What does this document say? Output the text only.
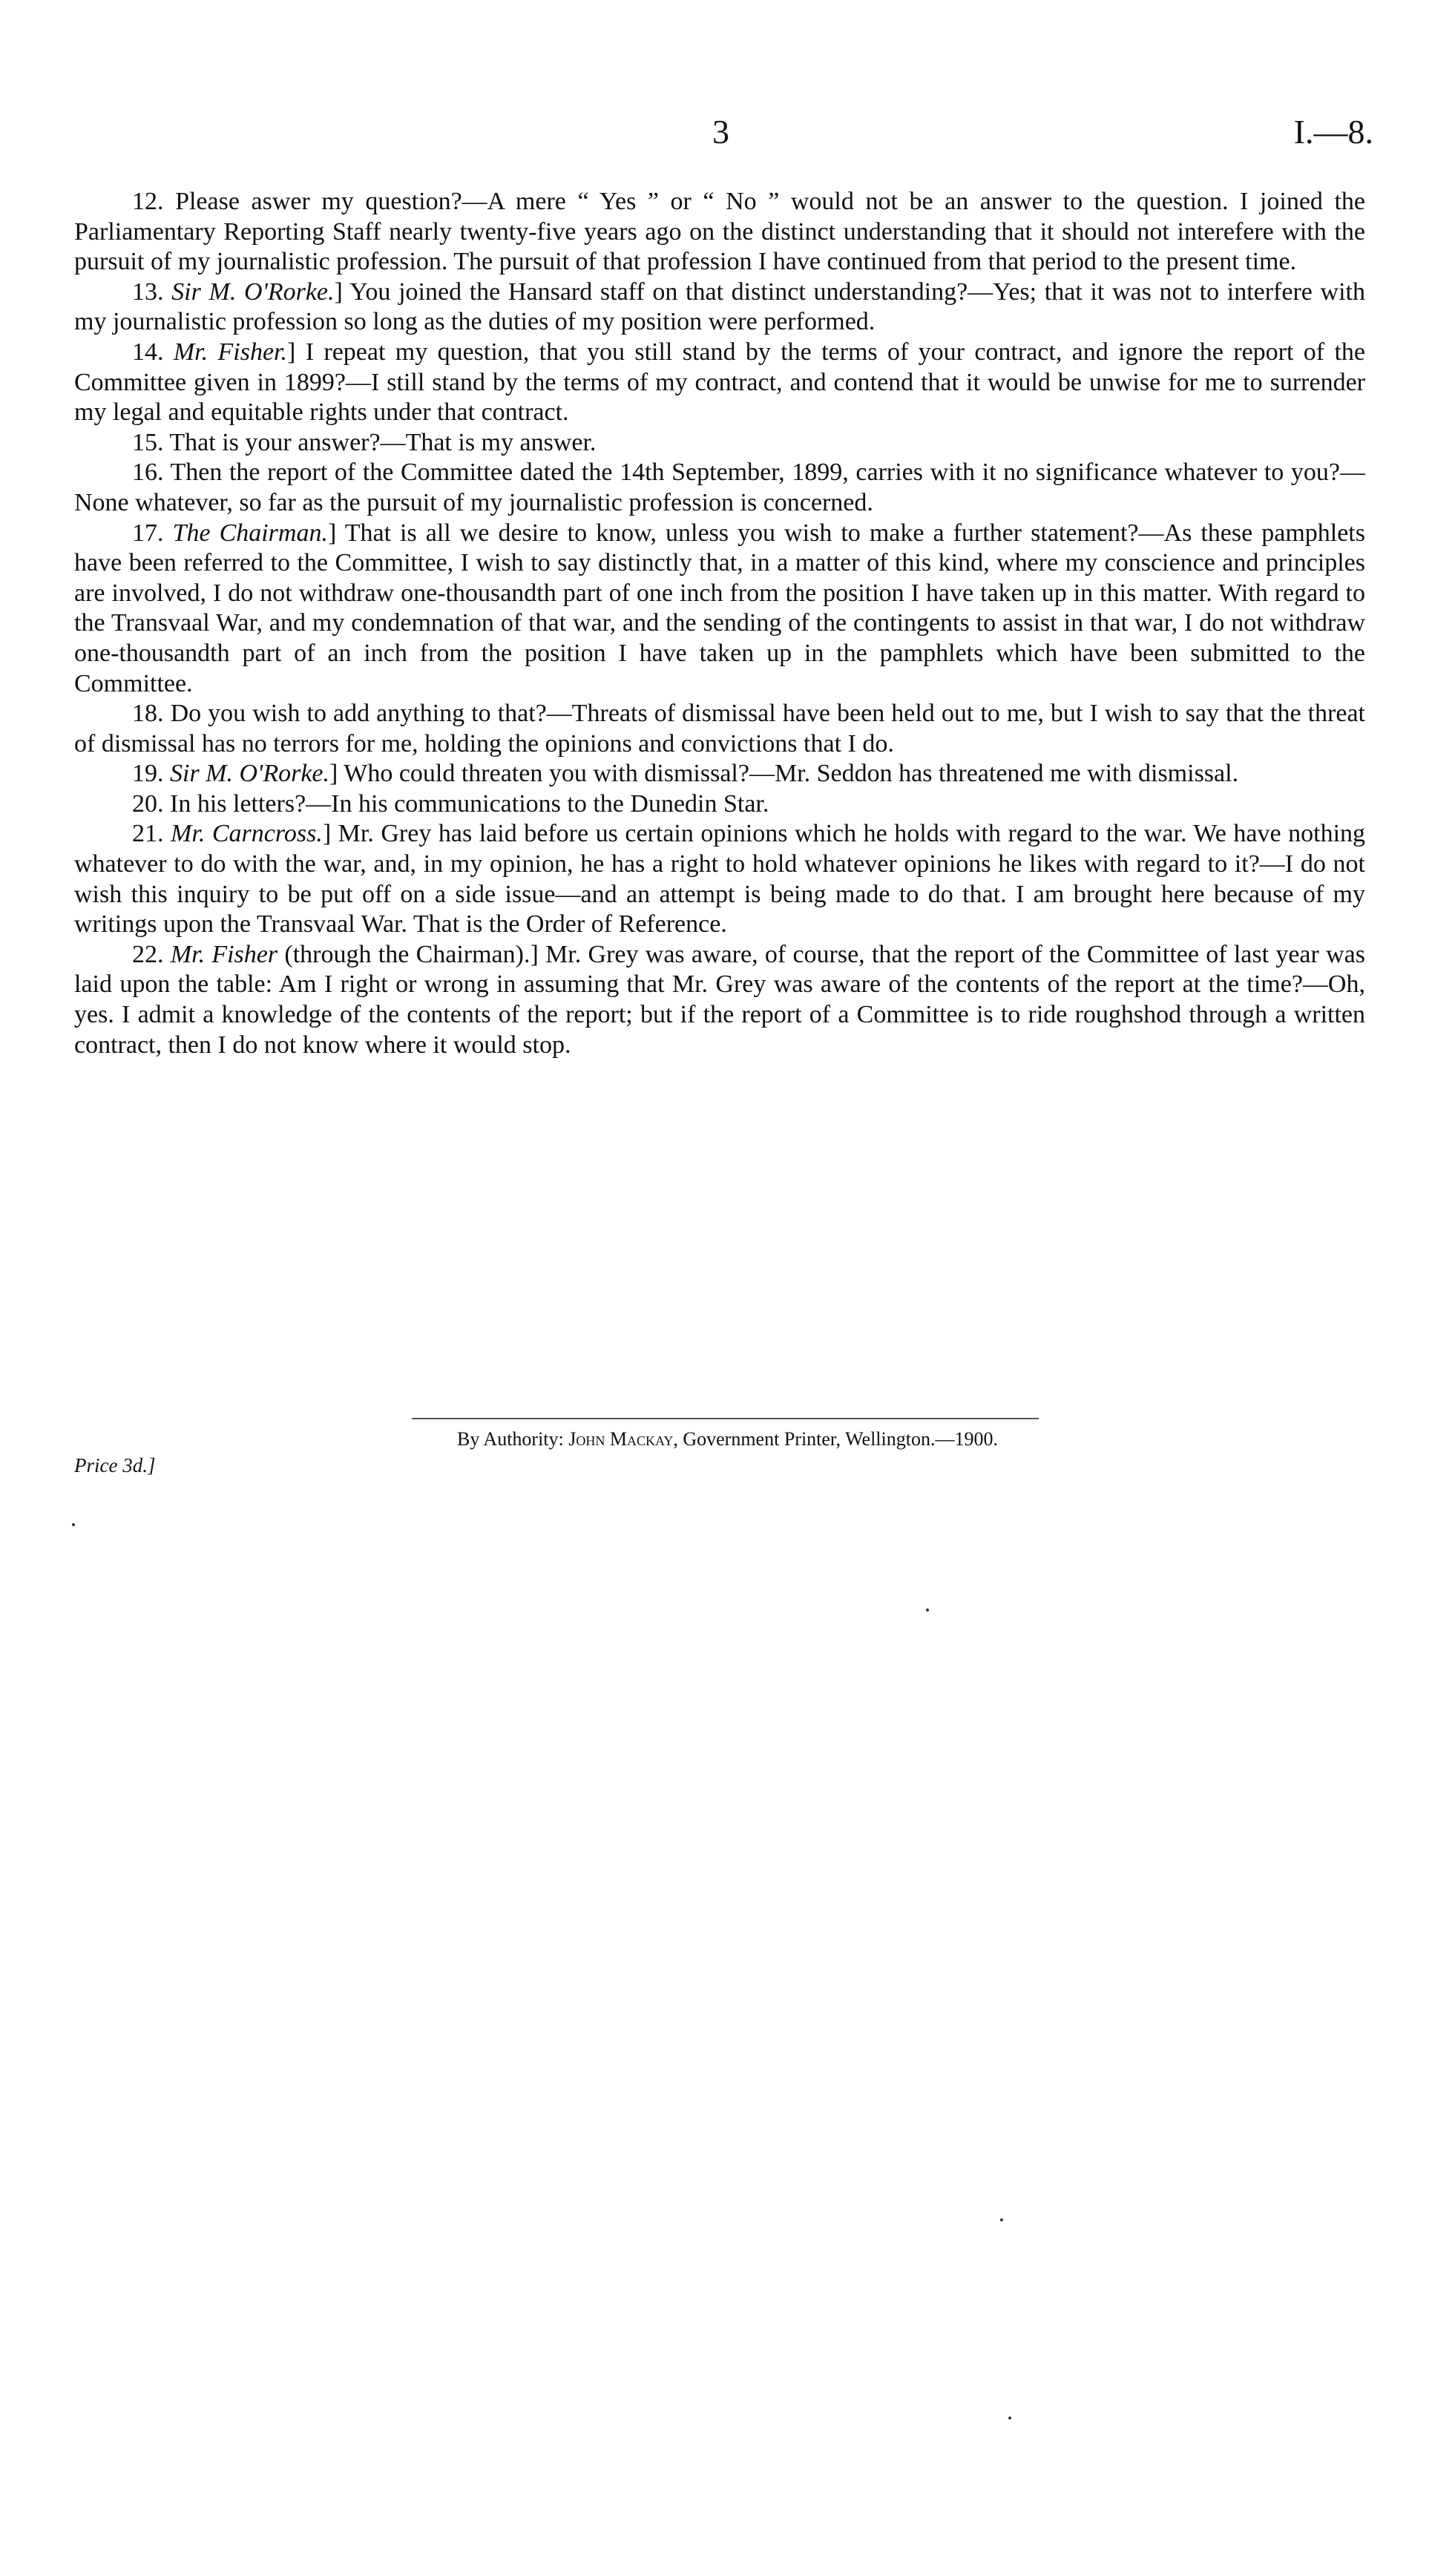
3	I.—8.

12. Please aswer my question?—A mere “ Yes ” or “ No ” would not be an answer to the question. I joined the Parliamentary Reporting Staff nearly twenty-five years ago on the distinct understanding that it should not interefere with the pursuit of my journalistic profession. The pursuit of that profession I have continued from that period to the present time.

13. Sir M. O'Rorke.] You joined the Hansard staff on that distinct understanding?—Yes; that it was not to interfere with my journalistic profession so long as the duties of my position were performed.

14. Mr. Fisher.] I repeat my question, that you still stand by the terms of your contract, and ignore the report of the Committee given in 1899?—I still stand by the terms of my contract, and contend that it would be unwise for me to surrender my legal and equitable rights under that contract.

15. That is your answer?—That is my answer.

16. Then the report of the Committee dated the 14th September, 1899, carries with it no significance whatever to you?—None whatever, so far as the pursuit of my journalistic profession is concerned.

17. The Chairman.] That is all we desire to know, unless you wish to make a further statement?—As these pamphlets have been referred to the Committee, I wish to say distinctly that, in a matter of this kind, where my conscience and principles are involved, I do not withdraw one-thousandth part of one inch from the position I have taken up in this matter. With regard to the Transvaal War, and my condemnation of that war, and the sending of the contingents to assist in that war, I do not withdraw one-thousandth part of an inch from the position I have taken up in the pamphlets which have been submitted to the Committee.

18. Do you wish to add anything to that?—Threats of dismissal have been held out to me, but I wish to say that the threat of dismissal has no terrors for me, holding the opinions and convictions that I do.

19. Sir M. O'Rorke.] Who could threaten you with dismissal?—Mr. Seddon has threatened me with dismissal.

20. In his letters?—In his communications to the Dunedin Star.

21. Mr. Carncross.] Mr. Grey has laid before us certain opinions which he holds with regard to the war. We have nothing whatever to do with the war, and, in my opinion, he has a right to hold whatever opinions he likes with regard to it?—I do not wish this inquiry to be put off on a side issue—and an attempt is being made to do that. I am brought here because of my writings upon the Transvaal War. That is the Order of Reference.

22. Mr. Fisher (through the Chairman).] Mr. Grey was aware, of course, that the report of the Committee of last year was laid upon the table: Am I right or wrong in assuming that Mr. Grey was aware of the contents of the report at the time?—Oh, yes. I admit a knowledge of the contents of the report; but if the report of a Committee is to ride roughshod through a written contract, then I do not know where it would stop.

By Authority: John Mackay, Government Printer, Wellington.—1900.
Price 3d.]
